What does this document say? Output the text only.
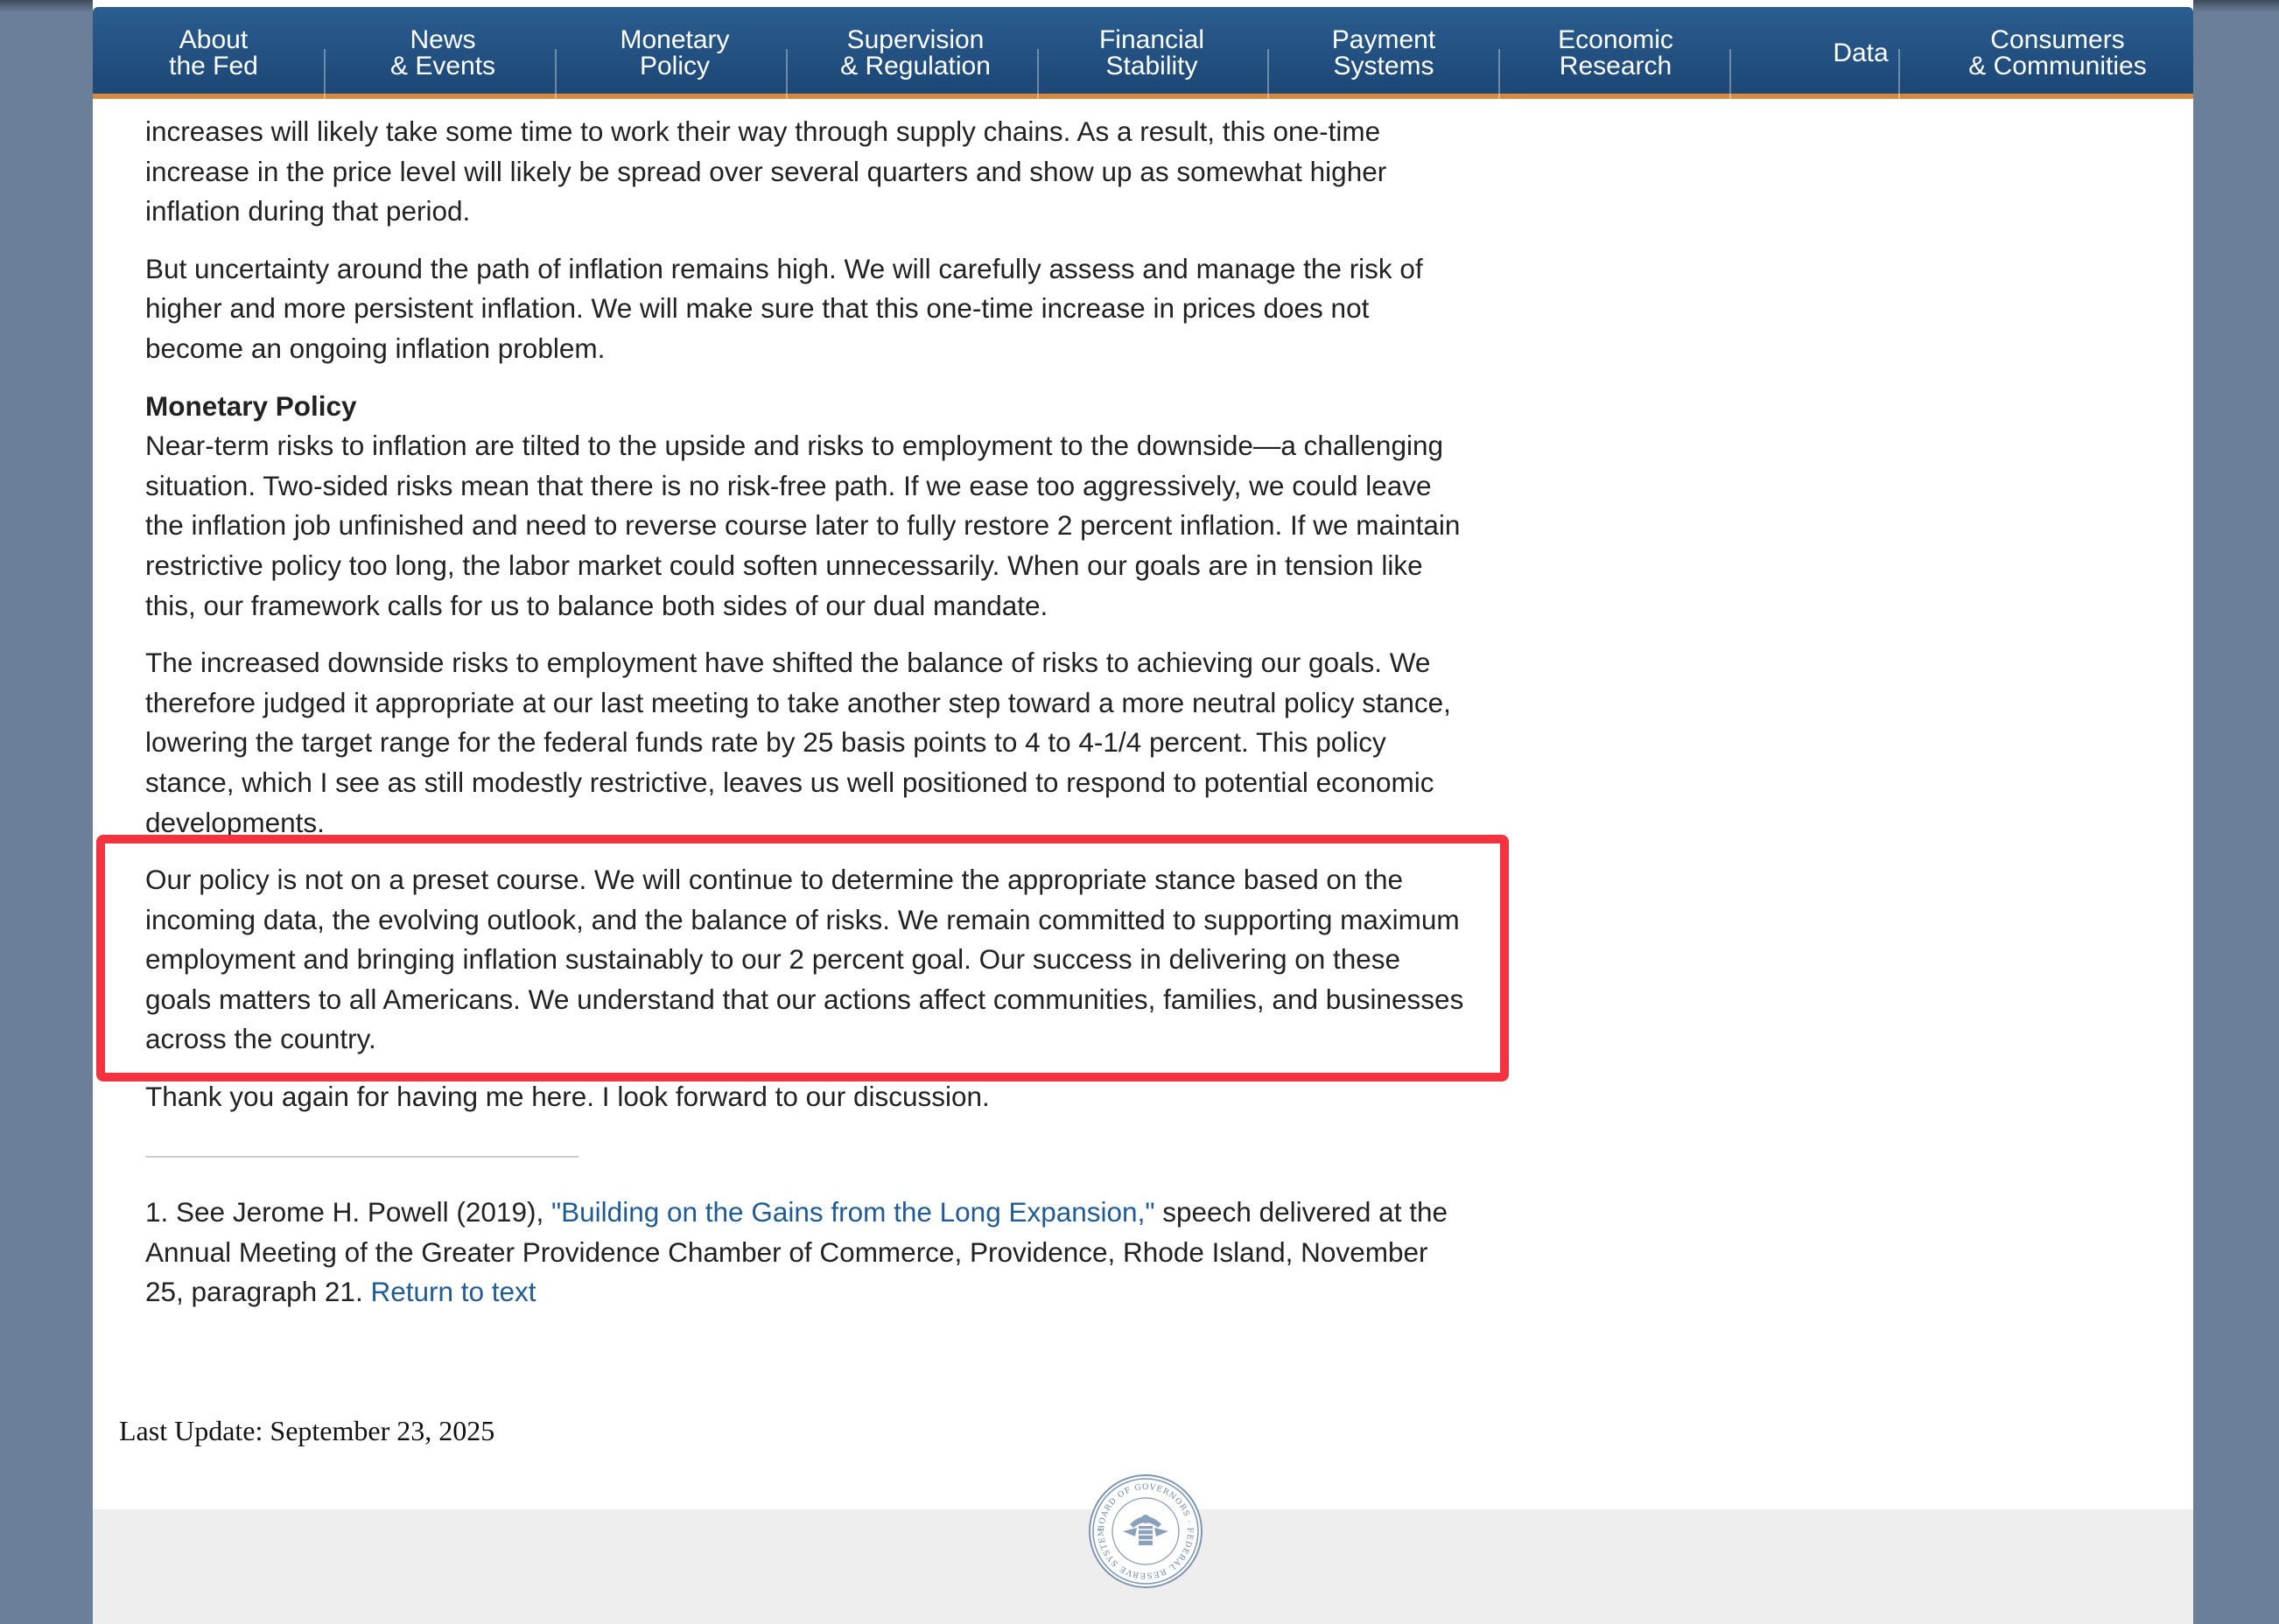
About
the Fed
News
& Events
Monetary
Policy
Supervision
& Regulation
Financial
Stability
Payment
Systems
Economic
Research	Data	Consumers
& Communities

increases will likely take some time to work their way through supply chains. As a result, this one-time increase in the price level will likely be spread over several quarters and show up as somewhat higher inflation during that period.

But uncertainty around the path of inflation remains high. We will carefully assess and manage the risk of higher and more persistent inflation. We will make sure that this one-time increase in prices does not become an ongoing inflation problem.

Monetary Policy

Near-term risks to inflation are tilted to the upside and risks to employment to the downside—a challenging situation. Two-sided risks mean that there is no risk-free path. If we ease too aggressively, we could leave the inflation job unfinished and need to reverse course later to fully restore 2 percent inflation. If we maintain restrictive policy too long, the labor market could soften unnecessarily. When our goals are in tension like this, our framework calls for us to balance both sides of our dual mandate.

The increased downside risks to employment have shifted the balance of risks to achieving our goals. We therefore judged it appropriate at our last meeting to take another step toward a more neutral policy stance, lowering the target range for the federal funds rate by 25 basis points to 4 to 4-1/4 percent. This policy stance, which I see as still modestly restrictive, leaves us well positioned to respond to potential economic developments.

Our policy is not on a preset course. We will continue to determine the appropriate stance based on the incoming data, the evolving outlook, and the balance of risks. We remain committed to supporting maximum employment and bringing inflation sustainably to our 2 percent goal. Our success in delivering on these goals matters to all Americans. We understand that our actions affect communities, families, and businesses across the country.

Thank you again for having me here. I look forward to our discussion.

1. See Jerome H. Powell (2019), "Building on the Gains from the Long Expansion," speech delivered at the Annual Meeting of the Greater Providence Chamber of Commerce, Providence, Rhode Island, November 25, paragraph 21. Return to text
Last Update: September 23, 2025
BOARD OF GOVERNORS · FEDERAL RESERVE SYSTEM
